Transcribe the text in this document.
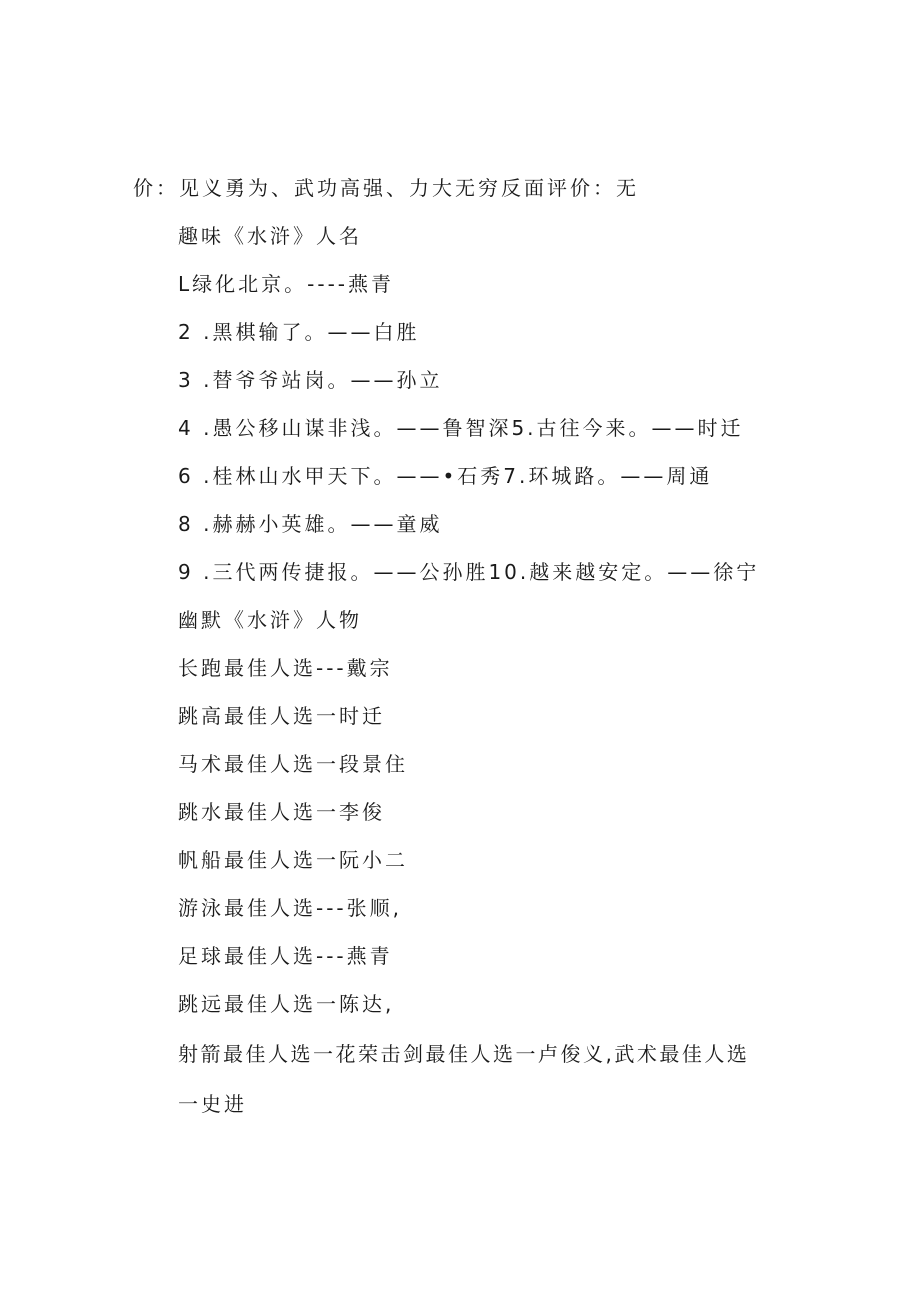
价：见义勇为、武功高强、力大无穷反面评价：无
趣味《水浒》人名
L绿化北京。----燕青
2 .黑棋输了。——白胜
3 .替爷爷站岗。——孙立
4 .愚公移山谋非浅。——鲁智深5.古往今来。——时迁
6 .桂林山水甲天下。——•石秀7.环城路。——周通
8 .赫赫小英雄。——童威
9 .三代两传捷报。——公孙胜10.越来越安定。——徐宁
幽默《水浒》人物
长跑最佳人选---戴宗
跳高最佳人选一时迁
马术最佳人选一段景住
跳水最佳人选一李俊
帆船最佳人选一阮小二
游泳最佳人选---张顺,
足球最佳人选---燕青
跳远最佳人选一陈达,
射箭最佳人选一花荣击剑最佳人选一卢俊义,武术最佳人选
一史进
